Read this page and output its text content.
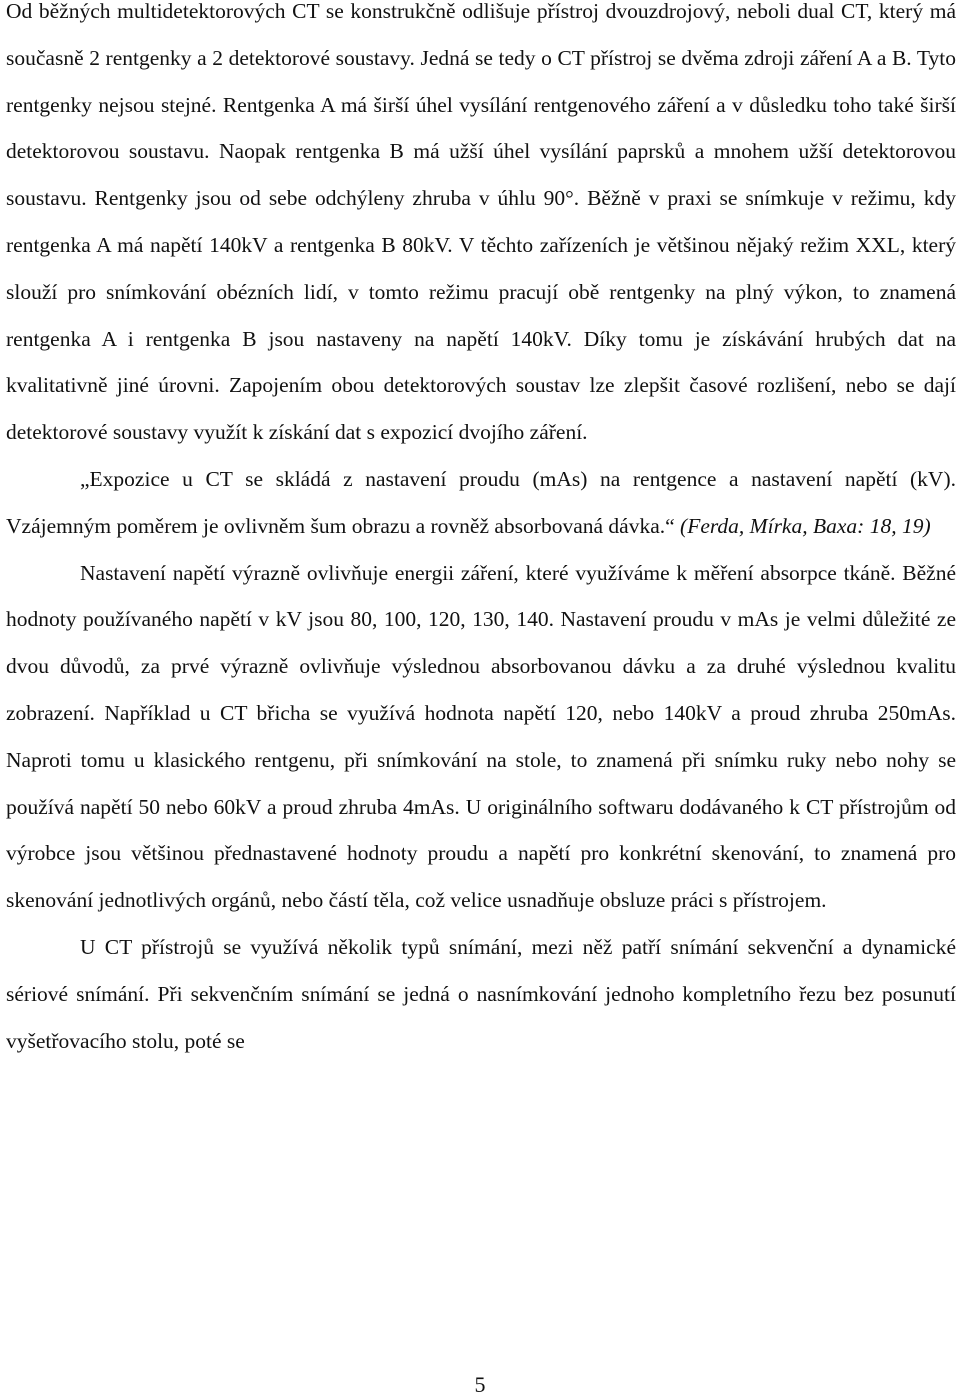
Od běžných multidetektorových CT se konstrukčně odlišuje přístroj dvouzdrojový, neboli dual CT, který má současně 2 rentgenky a 2 detektorové soustavy. Jedná se tedy o CT přístroj se dvěma zdroji záření A a B. Tyto rentgenky nejsou stejné. Rentgenka A má širší úhel vysílání rentgenového záření a v důsledku toho také širší detektorovou soustavu. Naopak rentgenka B má užší úhel vysílání paprsků a mnohem užší detektorovou soustavu. Rentgenky jsou od sebe odchýleny zhruba v úhlu 90°. Běžně v praxi se snímkuje v režimu, kdy rentgenka A má napětí 140kV a rentgenka B 80kV. V těchto zařízeních je většinou nějaký režim XXL, který slouží pro snímkování obézních lidí, v tomto režimu pracují obě rentgenky na plný výkon, to znamená rentgenka A i rentgenka B jsou nastaveny na napětí 140kV. Díky tomu je získávání hrubých dat na kvalitativně jiné úrovni. Zapojením obou detektorových soustav lze zlepšit časové rozlišení, nebo se dají detektorové soustavy využít k získání dat s expozicí dvojího záření.

„Expozice u CT se skládá z nastavení proudu (mAs) na rentgence a nastavení napětí (kV). Vzájemným poměrem je ovlivněm šum obrazu a rovněž absorbovaná dávka.“ (Ferda, Mírka, Baxa: 18, 19)

Nastavení napětí výrazně ovlivňuje energii záření, které využíváme k měření absorpce tkáně. Běžné hodnoty používaného napětí v kV jsou 80, 100, 120, 130, 140. Nastavení proudu v mAs je velmi důležité ze dvou důvodů, za prvé výrazně ovlivňuje výslednou absorbovanou dávku a za druhé výslednou kvalitu zobrazení. Například u CT břicha se využívá hodnota napětí 120, nebo 140kV a proud zhruba 250mAs. Naproti tomu u klasického rentgenu, při snímkování na stole, to znamená při snímku ruky nebo nohy se používá napětí 50 nebo 60kV a proud zhruba 4mAs. U originálního softwaru dodávaného k CT přístrojům od výrobce jsou většinou přednastavené hodnoty proudu a napětí pro konkrétní skenování, to znamená pro skenování jednotlivých orgánů, nebo částí těla, což velice usnadňuje obsluze práci s přístrojem.

U CT přístrojů se využívá několik typů snímání, mezi něž patří snímání sekvenční a dynamické sériové snímání. Při sekvenčním snímání se jedná o nasnímkování jednoho kompletního řezu bez posunutí vyšetřovacího stolu, poté se

5
